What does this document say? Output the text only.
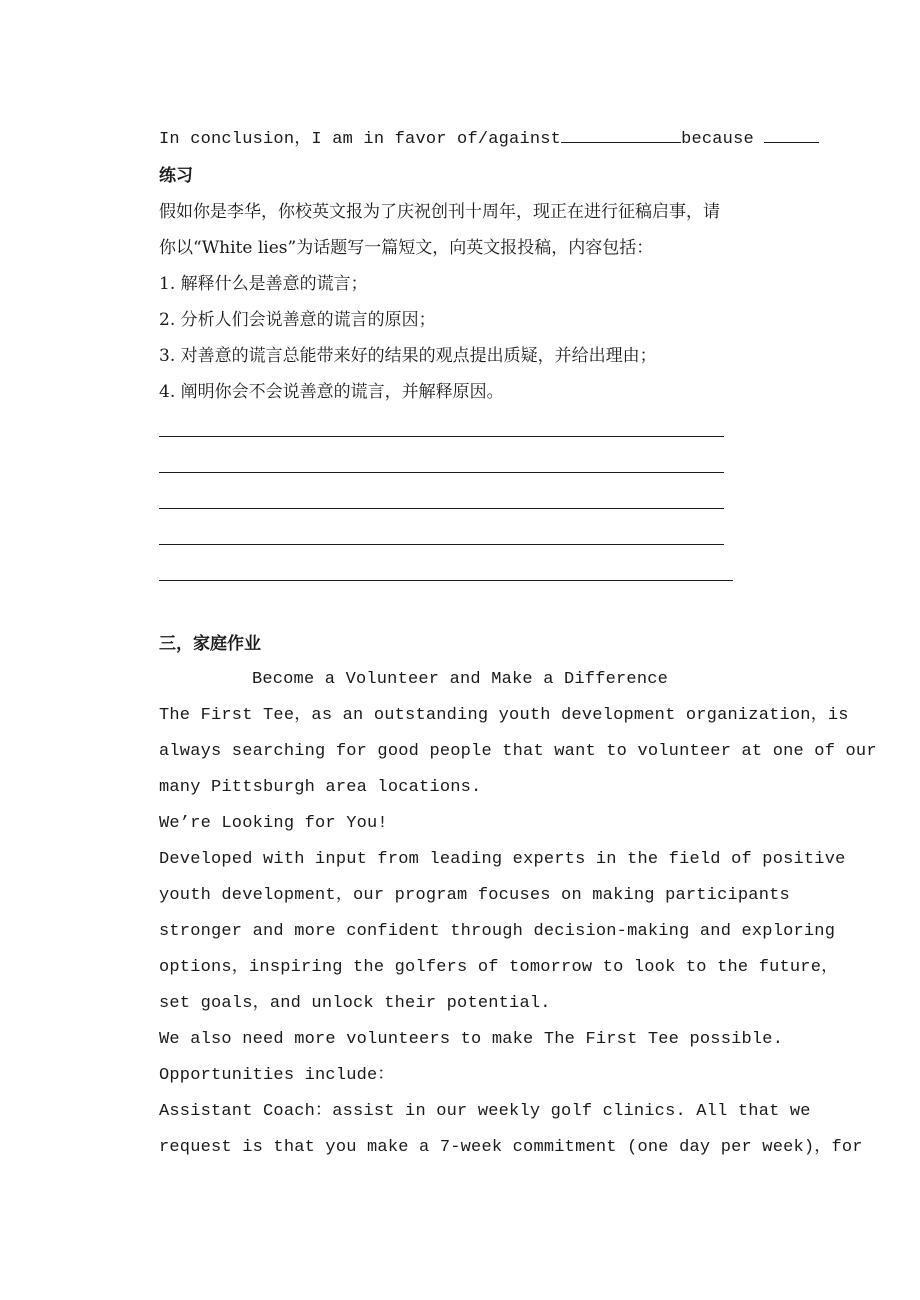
In conclusion，I am in favor of/against	because
练习
假如你是李华，你校英文报为了庆祝创刊十周年，现正在进行征稿启事，请
你以“White lies”为话题写一篇短文，向英文报投稿，内容包括：
1. 解释什么是善意的谎言；
2. 分析人们会说善意的谎言的原因；
3. 对善意的谎言总能带来好的结果的观点提出质疑，并给出理由；
4. 阐明你会不会说善意的谎言，并解释原因。
三，家庭作业
Become a Volunteer and Make a Difference
The First Tee，as an outstanding youth development organization，is
always searching for good people that want to volunteer at one of our
many Pittsburgh area locations.
We’re Looking for You!
Developed with input from leading experts in the field of positive
youth development，our program focuses on making participants
stronger and more confident through decision-making and exploring
options，inspiring the golfers of tomorrow to look to the future，
set goals，and unlock their potential.
We also need more volunteers to make The First Tee possible.
Opportunities include：
Assistant Coach：assist in our weekly golf clinics. All that we
request is that you make a 7-week commitment (one day per week)，for
